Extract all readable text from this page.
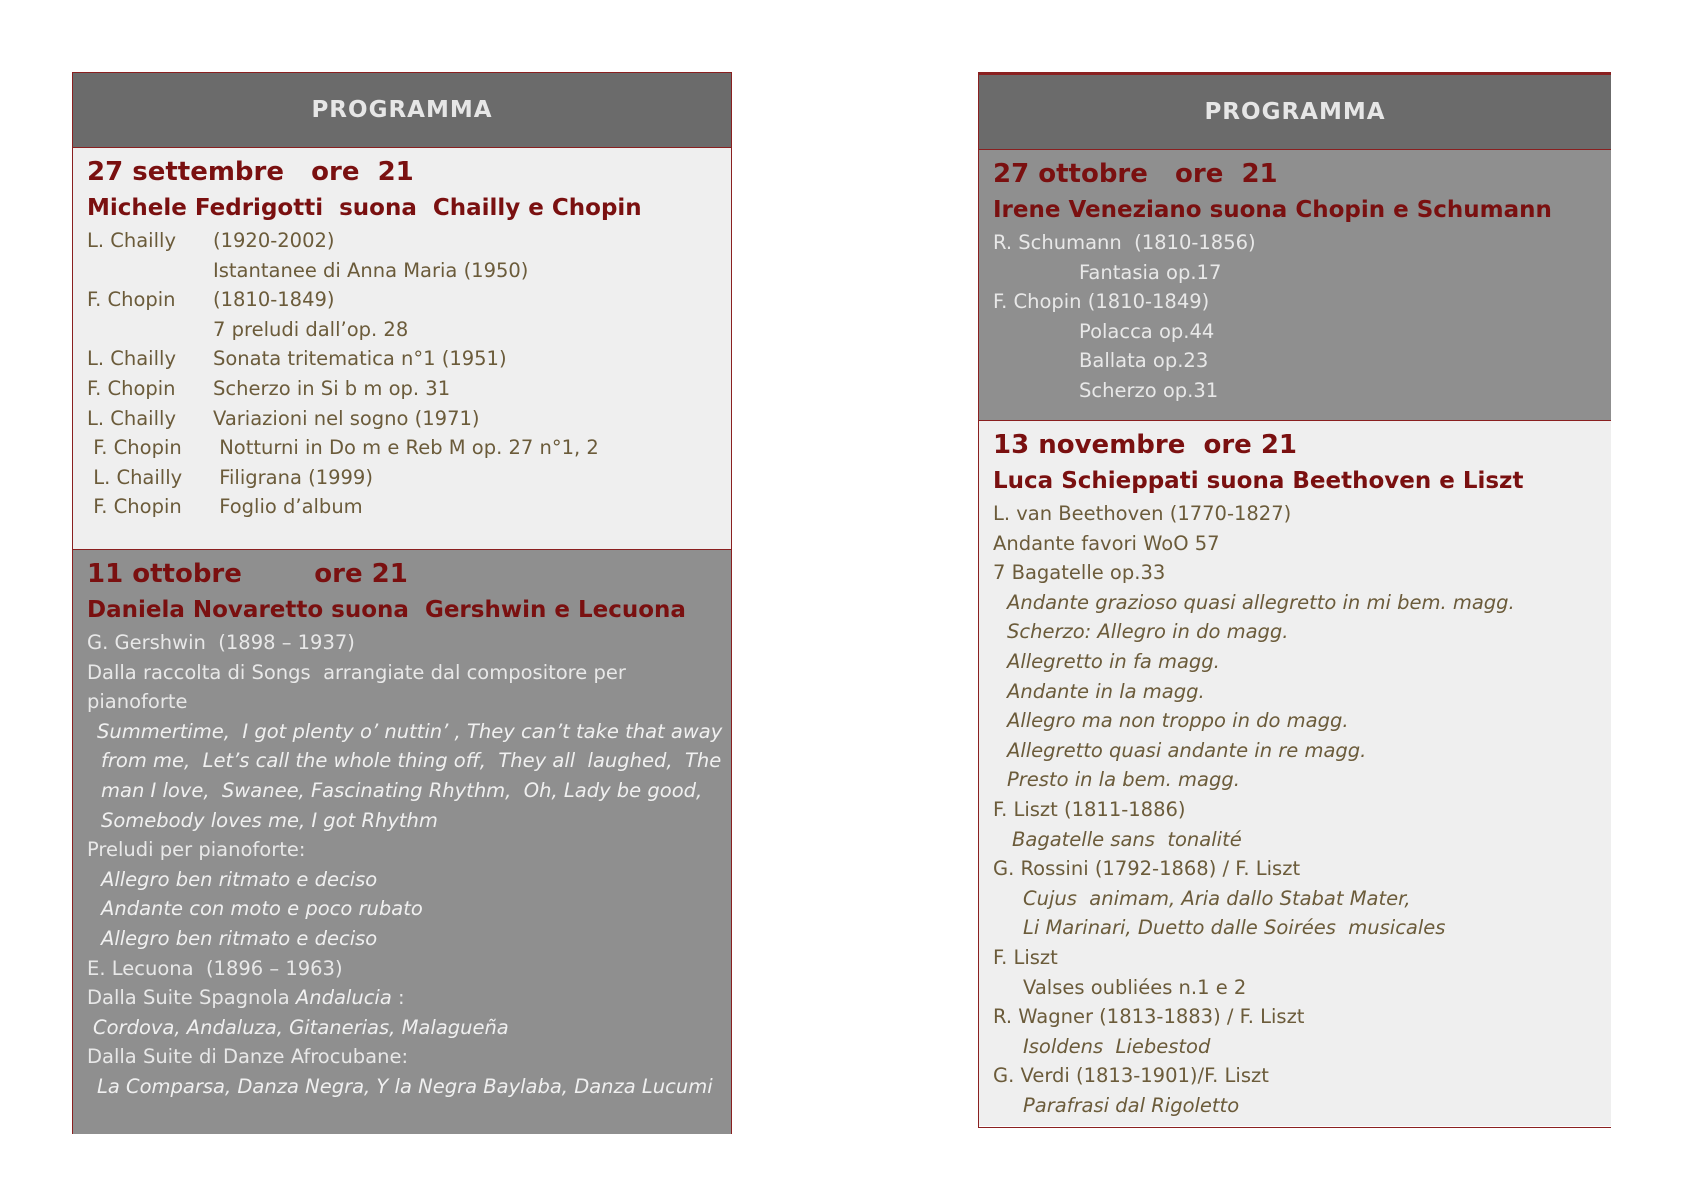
PROGRAMMA
27 settembre   ore  21
Michele Fedrigotti  suona  Chailly e Chopin
L. Chailly	(1920-2002)
Istantanee di Anna Maria (1950)
F. Chopin	(1810-1849)
7 preludi dall’op. 28
L. Chailly	Sonata tritematica n°1 (1951)
F. Chopin	Scherzo in Si b m op. 31
L. Chailly	Variazioni nel sogno (1971)
F. Chopin	Notturni in Do m e Reb M op. 27 n°1, 2
L. Chailly	Filigrana (1999)
F. Chopin	Foglio d’album
11 ottobre        ore 21
Daniela Novaretto suona  Gershwin e Lecuona
G. Gershwin  (1898 – 1937)
Dalla raccolta di Songs  arrangiate dal compositore per
pianoforte
Summertime,  I got plenty o’ nuttin’ , They can’t take that away
from me,  Let’s call the whole thing off,  They all  laughed,  The
man I love,  Swanee, Fascinating Rhythm,  Oh, Lady be good,
Somebody loves me, I got Rhythm
Preludi per pianoforte:
Allegro ben ritmato e deciso
Andante con moto e poco rubato
Allegro ben ritmato e deciso
E. Lecuona  (1896 – 1963)
Dalla Suite Spagnola Andalucia :
Cordova, Andaluza, Gitanerias, Malagueña
Dalla Suite di Danze Afrocubane:
La Comparsa, Danza Negra, Y la Negra Baylaba, Danza Lucumi
PROGRAMMA
27 ottobre   ore  21
Irene Veneziano suona Chopin e Schumann
R. Schumann  (1810-1856)
Fantasia op.17
F. Chopin (1810-1849)
Polacca op.44
Ballata op.23
Scherzo op.31
13 novembre  ore 21
Luca Schieppati suona Beethoven e Liszt
L. van Beethoven (1770-1827)
Andante favori WoO 57
7 Bagatelle op.33
Andante grazioso quasi allegretto in mi bem. magg.
Scherzo: Allegro in do magg.
Allegretto in fa magg.
Andante in la magg.
Allegro ma non troppo in do magg.
Allegretto quasi andante in re magg.
Presto in la bem. magg.
F. Liszt (1811-1886)
Bagatelle sans  tonalité
G. Rossini (1792-1868) / F. Liszt
Cujus  animam, Aria dallo Stabat Mater,
Li Marinari, Duetto dalle Soirées  musicales
F. Liszt
Valses oubliées n.1 e 2
R. Wagner (1813-1883) / F. Liszt
Isoldens  Liebestod
G. Verdi (1813-1901)/F. Liszt
Parafrasi dal Rigoletto
